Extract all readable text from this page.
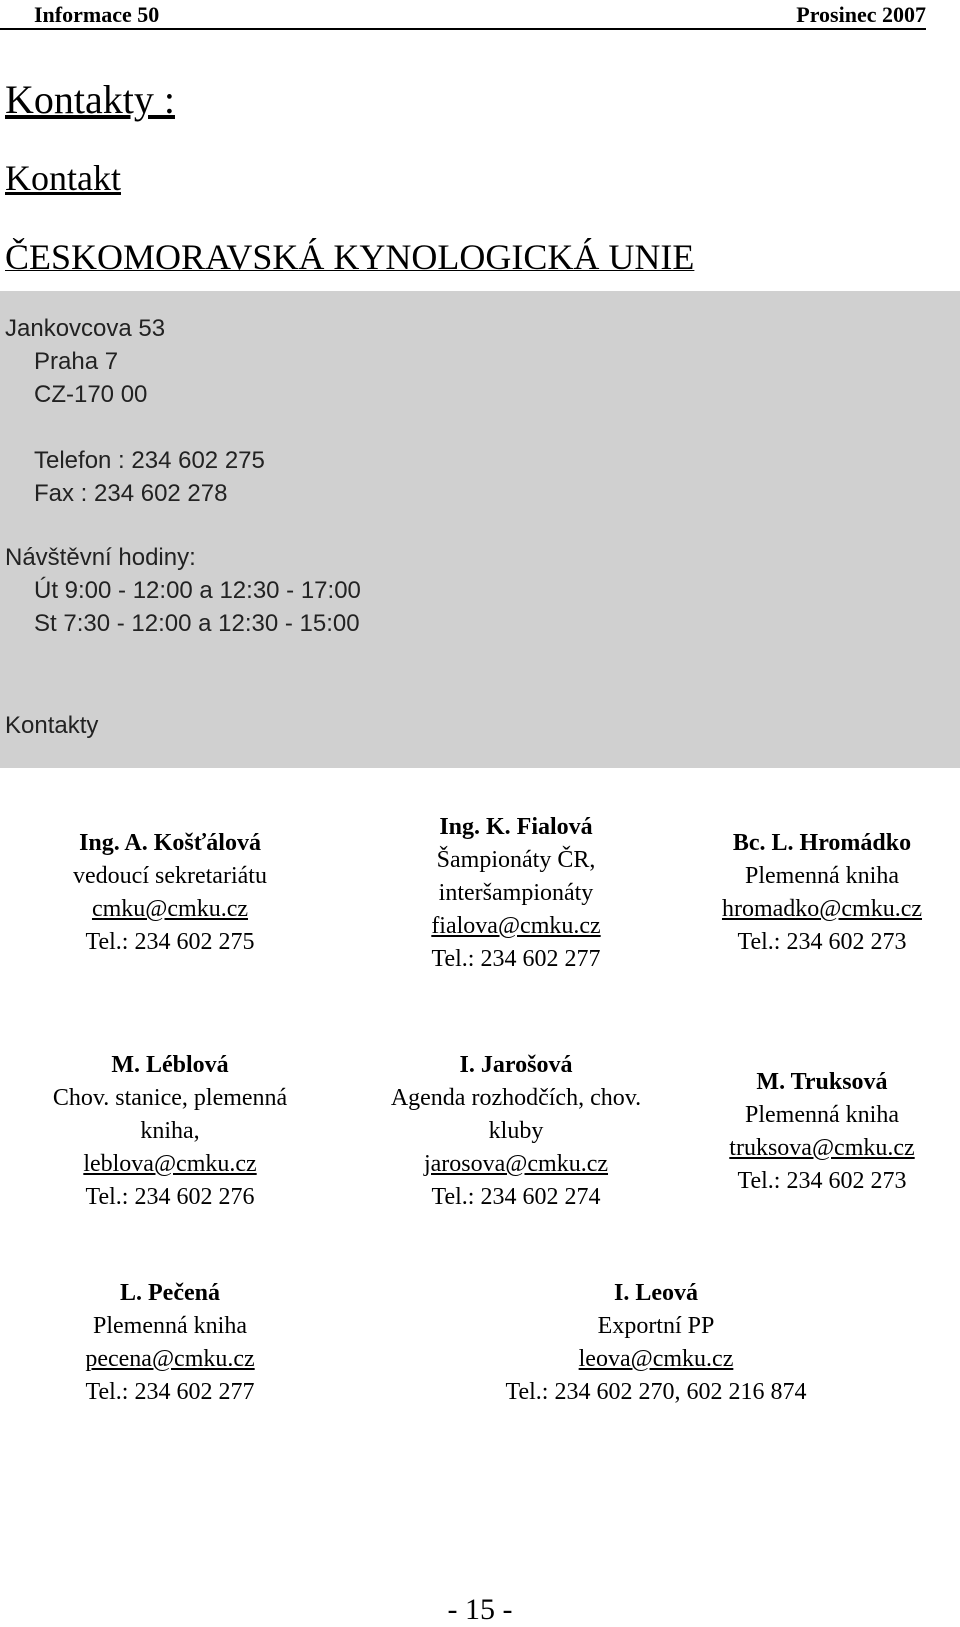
Informace 50	Prosinec 2007
Kontakty :
Kontakt
ČESKOMORAVSKÁ KYNOLOGICKÁ UNIE
Jankovcova 53
Praha 7
CZ-170 00
Telefon : 234 602 275
Fax : 234 602 278
Návštěvní hodiny:
Út 9:00 - 12:00 a 12:30 - 17:00
St 7:30 - 12:00 a 12:30 - 15:00
Kontakty
Ing. A. Košťálová
vedoucí sekretariátu
cmku@cmku.cz
Tel.: 234 602 275
Ing. K. Fialová
Šampionáty ČR,
interšampionáty
fialova@cmku.cz
Tel.: 234 602 277
Bc. L. Hromádko
Plemenná kniha
hromadko@cmku.cz
Tel.: 234 602 273
M. Léblová
Chov. stanice, plemenná
kniha,
leblova@cmku.cz
Tel.: 234 602 276
I. Jarošová
Agenda rozhodčích, chov.
kluby
jarosova@cmku.cz
Tel.: 234 602 274
M. Truksová
Plemenná kniha
truksova@cmku.cz
Tel.: 234 602 273
L. Pečená
Plemenná kniha
pecena@cmku.cz
Tel.: 234 602 277
I. Leová
Exportní PP
leova@cmku.cz
Tel.: 234 602 270, 602 216 874
- 15 -
